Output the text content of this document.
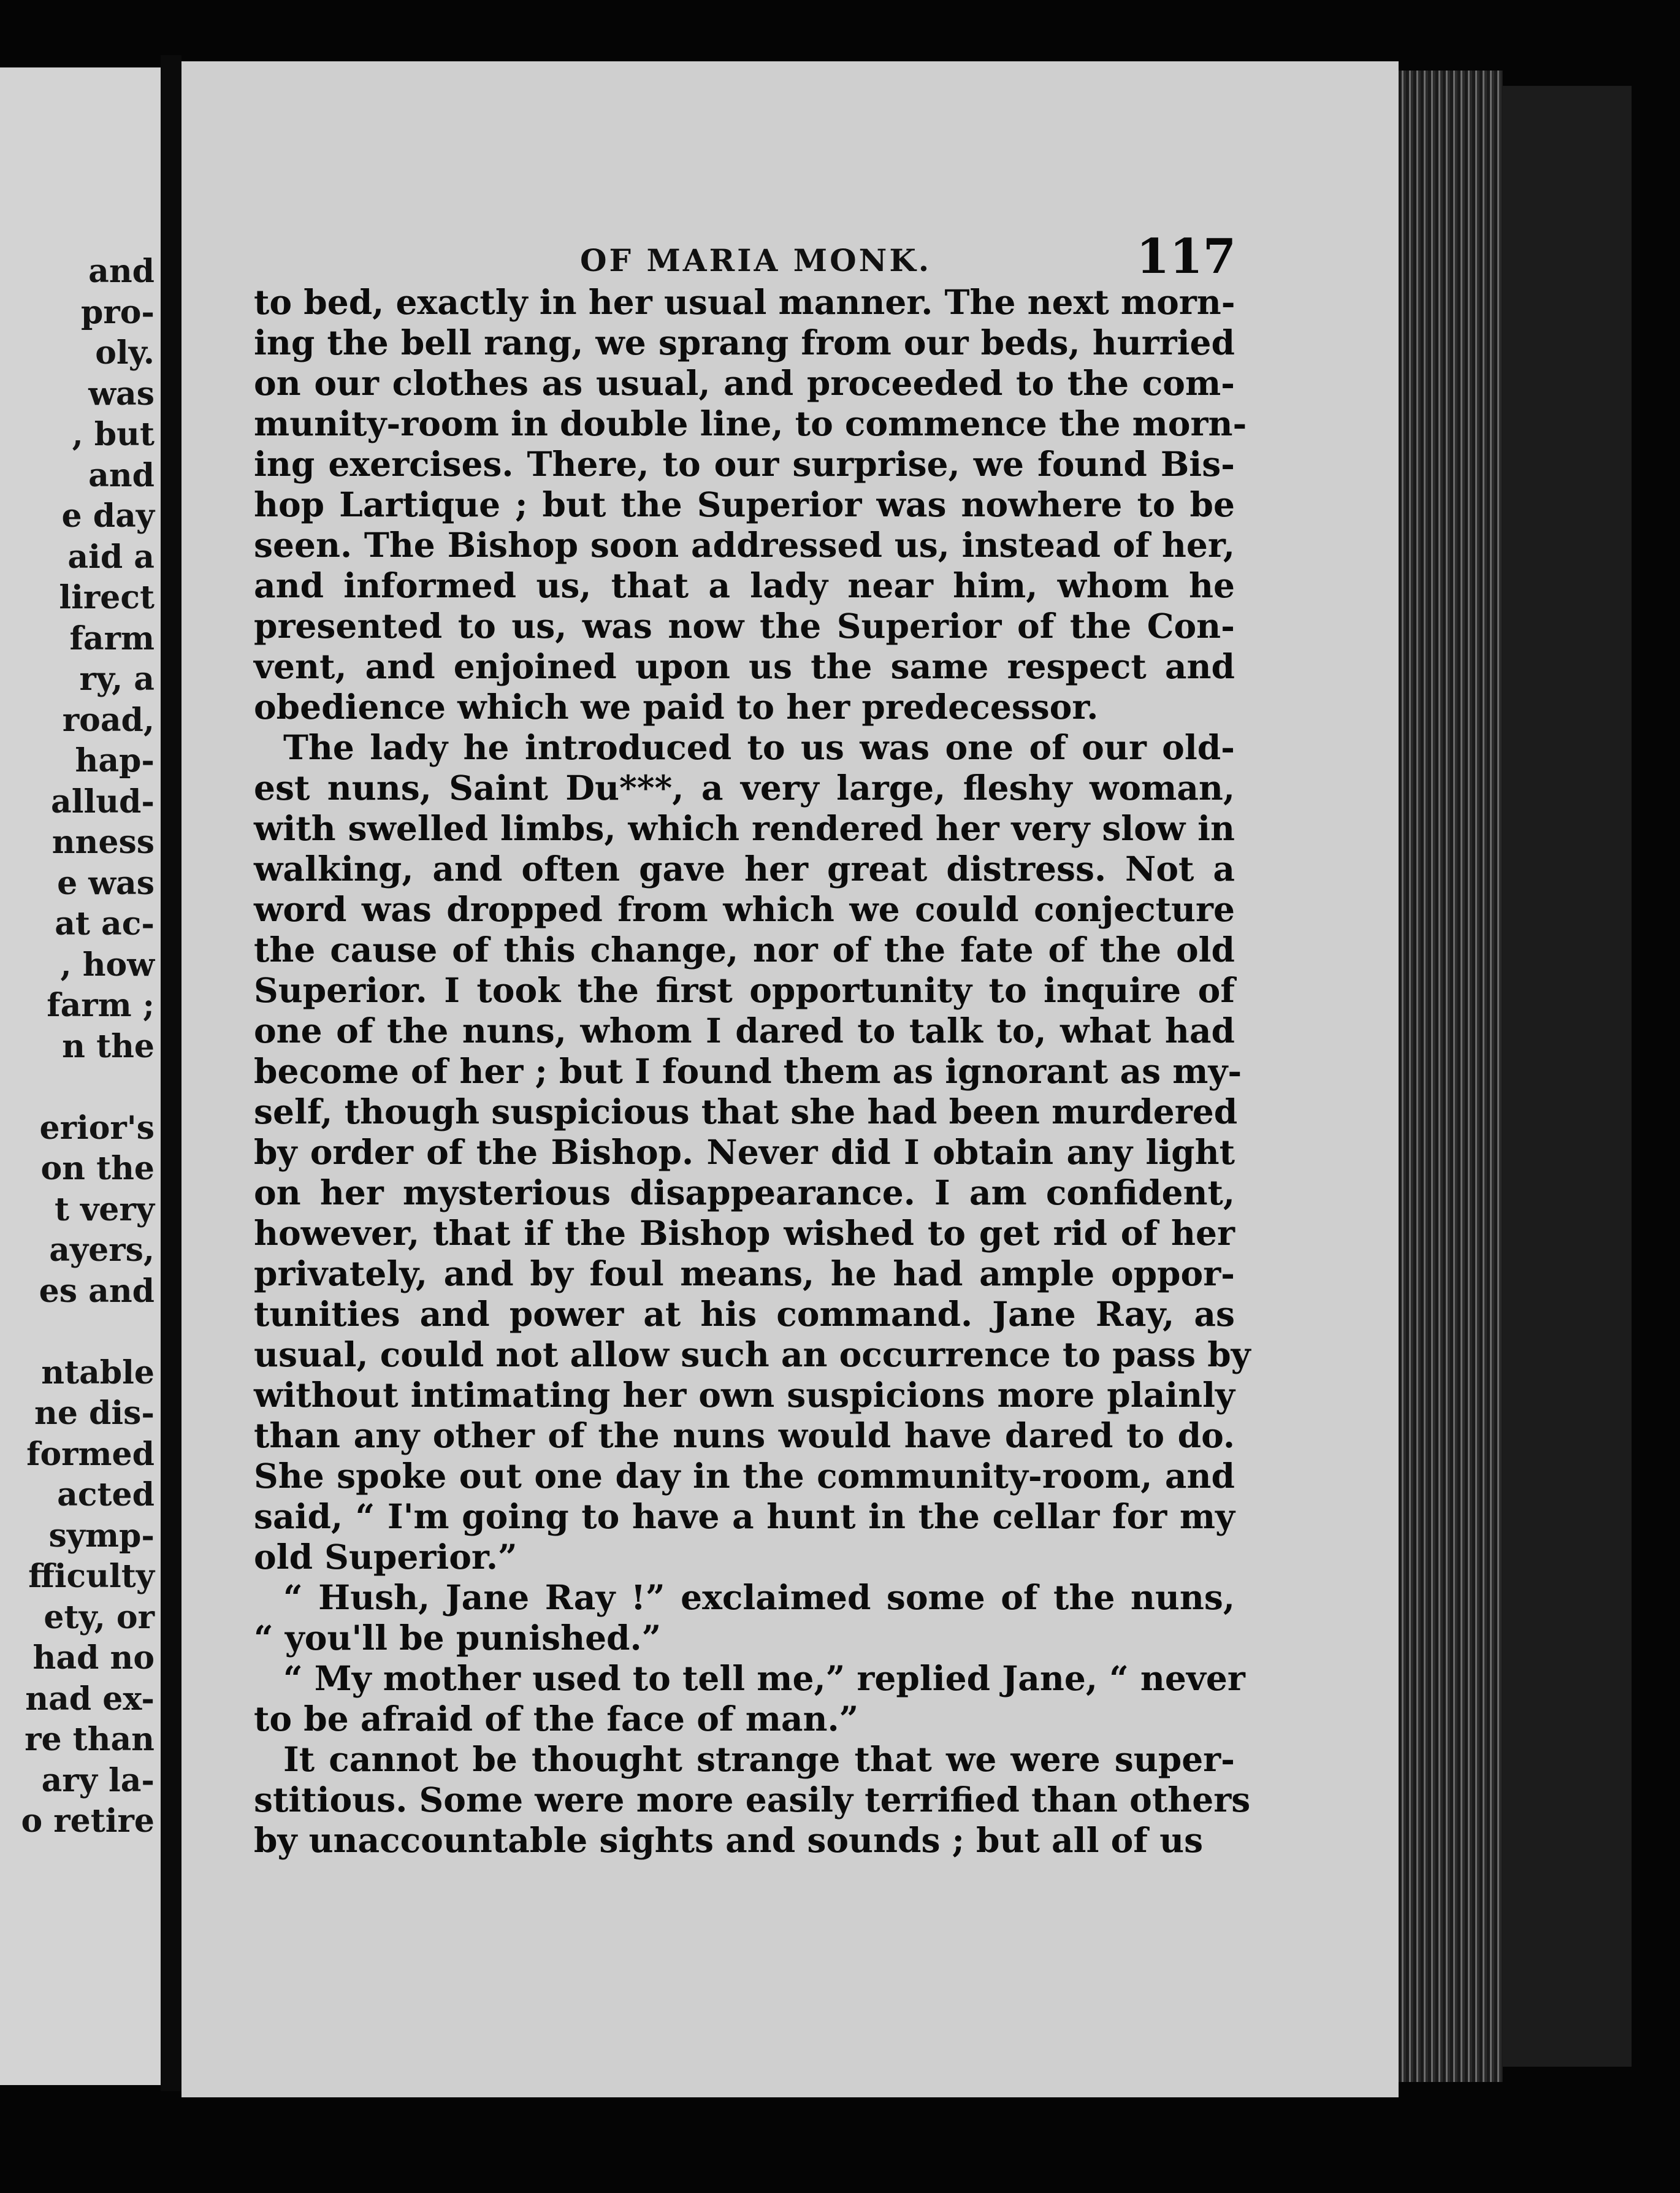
and
pro-
oly.
was
, but
and
e day
aid a
lirect
farm
ry, a
road,
hap-
allud-
nness
e was
at ac-
, how
farm ;
n the

erior's
on the
t very
ayers,
es and

ntable
ne dis-
formed
acted
symp-
fficulty
ety, or
had no
nad ex-
re than
ary la-
o retire
OF MARIA MONK.	117
to bed, exactly in her usual manner. The next morn-
ing the bell rang, we sprang from our beds, hurried
on our clothes as usual, and proceeded to the com-
munity-room in double line, to commence the morn-
ing exercises. There, to our surprise, we found Bis-
hop Lartique ; but the Superior was nowhere to be
seen. The Bishop soon addressed us, instead of her,
and informed us, that a lady near him, whom he
presented to us, was now the Superior of the Con-
vent, and enjoined upon us the same respect and
obedience which we paid to her predecessor.
The lady he introduced to us was one of our old-
est nuns, Saint Du***, a very large, fleshy woman,
with swelled limbs, which rendered her very slow in
walking, and often gave her great distress. Not a
word was dropped from which we could conjecture
the cause of this change, nor of the fate of the old
Superior. I took the first opportunity to inquire of
one of the nuns, whom I dared to talk to, what had
become of her ; but I found them as ignorant as my-
self, though suspicious that she had been murdered
by order of the Bishop. Never did I obtain any light
on her mysterious disappearance. I am confident,
however, that if the Bishop wished to get rid of her
privately, and by foul means, he had ample oppor-
tunities and power at his command. Jane Ray, as
usual, could not allow such an occurrence to pass by
without intimating her own suspicions more plainly
than any other of the nuns would have dared to do.
She spoke out one day in the community-room, and
said, “ I'm going to have a hunt in the cellar for my
old Superior.”
“ Hush, Jane Ray !” exclaimed some of the nuns,
“ you'll be punished.”
“ My mother used to tell me,” replied Jane, “ never
to be afraid of the face of man.”
It cannot be thought strange that we were super-
stitious. Some were more easily terrified than others
by unaccountable sights and sounds ; but all of us
